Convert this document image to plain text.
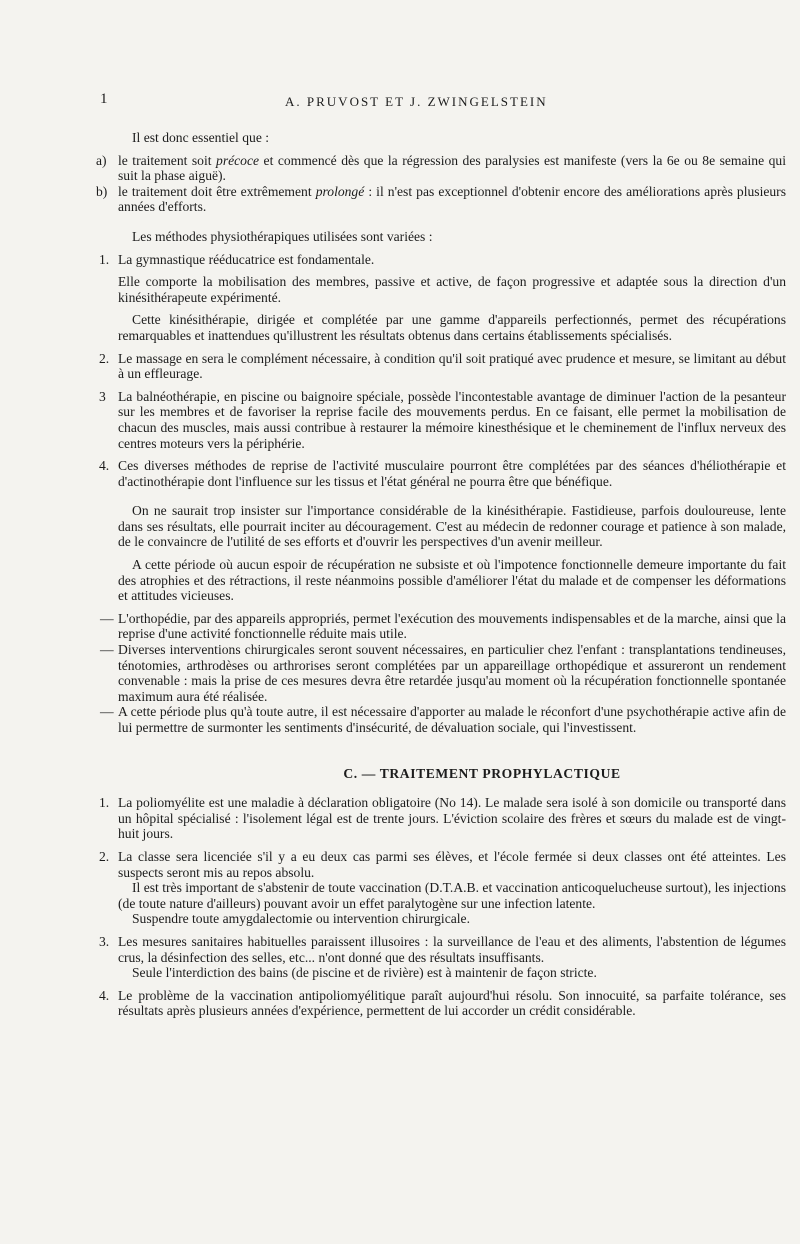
1	A. PRUVOST ET J. ZWINGELSTEIN

Il est donc essentiel que :

a) le traitement soit précoce et commencé dès que la régression des paralysies est manifeste (vers la 6e ou 8e semaine qui suit la phase aiguë).
b) le traitement doit être extrêmement prolongé : il n'est pas exceptionnel d'obtenir encore des améliorations après plusieurs années d'efforts.

Les méthodes physiothérapiques utilisées sont variées :

1. La gymnastique rééducatrice est fondamentale.

Elle comporte la mobilisation des membres, passive et active, de façon progressive et adaptée sous la direction d'un kinésithérapeute expérimenté.

Cette kinésithérapie, dirigée et complétée par une gamme d'appareils perfectionnés, permet des récupérations remarquables et inattendues qu'illustrent les résultats obtenus dans certains établissements spécialisés.

2. Le massage en sera le complément nécessaire, à condition qu'il soit pratiqué avec prudence et mesure, se limitant au début à un effleurage.

3 La balnéothérapie, en piscine ou baignoire spéciale, possède l'incontestable avantage de diminuer l'action de la pesanteur sur les membres et de favoriser la reprise facile des mouvements perdus. En ce faisant, elle permet la mobilisation de chacun des muscles, mais aussi contribue à restaurer la mémoire kinesthésique et le cheminement de l'influx nerveux des centres moteurs vers la périphérie.

4. Ces diverses méthodes de reprise de l'activité musculaire pourront être complétées par des séances d'héliothérapie et d'actinothérapie dont l'influence sur les tissus et l'état général ne pourra être que bénéfique.

On ne saurait trop insister sur l'importance considérable de la kinésithérapie. Fastidieuse, parfois douloureuse, lente dans ses résultats, elle pourrait inciter au découragement. C'est au médecin de redonner courage et patience à son malade, de le convaincre de l'utilité de ses efforts et d'ouvrir les perspectives d'un avenir meilleur.

A cette période où aucun espoir de récupération ne subsiste et où l'impotence fonctionnelle demeure importante du fait des atrophies et des rétractions, il reste néanmoins possible d'améliorer l'état du malade et de compenser les déformations et attitudes vicieuses.

— L'orthopédie, par des appareils appropriés, permet l'exécution des mouvements indispensables et de la marche, ainsi que la reprise d'une activité fonctionnelle réduite mais utile.

— Diverses interventions chirurgicales seront souvent nécessaires, en particulier chez l'enfant : transplantations tendineuses, ténotomies, arthrodèses ou arthrorises seront complétées par un appareillage orthopédique et assureront un rendement convenable : mais la prise de ces mesures devra être retardée jusqu'au moment où la récupération fonctionnelle spontanée maximum aura été réalisée.

— A cette période plus qu'à toute autre, il est nécessaire d'apporter au malade le réconfort d'une psychothérapie active afin de lui permettre de surmonter les sentiments d'insécurité, de dévaluation sociale, qui l'investissent.

C. — TRAITEMENT PROPHYLACTIQUE
1. La poliomyélite est une maladie à déclaration obligatoire (No 14). Le malade sera isolé à son domicile ou transporté dans un hôpital spécialisé : l'isolement légal est de trente jours. L'éviction scolaire des frères et sœurs du malade est de vingt-huit jours.

2. La classe sera licenciée s'il y a eu deux cas parmi ses élèves, et l'école fermée si deux classes ont été atteintes. Les suspects seront mis au repos absolu.

Il est très important de s'abstenir de toute vaccination (D.T.A.B. et vaccination anticoquelucheuse surtout), les injections (de toute nature d'ailleurs) pouvant avoir un effet paralytogène sur une infection latente.

Suspendre toute amygdalectomie ou intervention chirurgicale.

3. Les mesures sanitaires habituelles paraissent illusoires : la surveillance de l'eau et des aliments, l'abstention de légumes crus, la désinfection des selles, etc... n'ont donné que des résultats insuffisants.

Seule l'interdiction des bains (de piscine et de rivière) est à maintenir de façon stricte.

4. Le problème de la vaccination antipoliomyélitique paraît aujourd'hui résolu. Son innocuité, sa parfaite tolérance, ses résultats après plusieurs années d'expérience, permettent de lui accorder un crédit considérable.
